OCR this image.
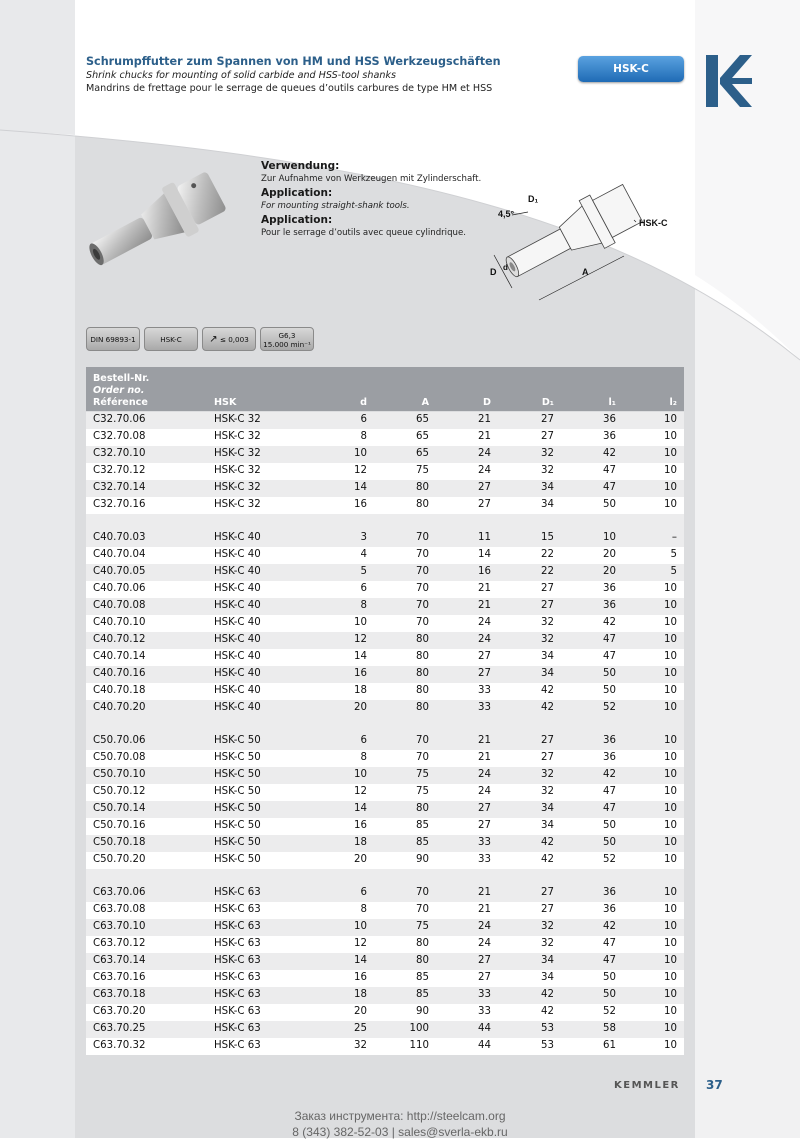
Schrumpffutter zum Spannen von HM und HSS Werkzeugschäften
Shrink chucks for mounting of solid carbide and HSS-tool shanks
Mandrins de frettage pour le serrage de queues d’outils carbures de type HM et HSS
HSK-C
Verwendung:
Zur Aufnahme von Werkzeugen mit Zylinderschaft.
Application:
For mounting straight-shank tools.
Application:
Pour le serrage d’outils avec queue cylindrique.
4,5°
D₁
HSK-C
D d	A
DIN 69893-1	HSK-C	↗ ≤ 0,003	G6,3
15.000 min⁻¹
Bestell-Nr.
Order no.
Référence	HSK	d	A	D	D₁	l₁	l₂
C32.70.06	HSK-C 32	6	65	21	27	36	10
C32.70.08	HSK-C 32	8	65	21	27	36	10
C32.70.10	HSK-C 32	10	65	24	32	42	10
C32.70.12	HSK-C 32	12	75	24	32	47	10
C32.70.14	HSK-C 32	14	80	27	34	47	10
C32.70.16	HSK-C 32	16	80	27	34	50	10
C40.70.03	HSK-C 40	3	70	11	15	10	–
C40.70.04	HSK-C 40	4	70	14	22	20	5
C40.70.05	HSK-C 40	5	70	16	22	20	5
C40.70.06	HSK-C 40	6	70	21	27	36	10
C40.70.08	HSK-C 40	8	70	21	27	36	10
C40.70.10	HSK-C 40	10	70	24	32	42	10
C40.70.12	HSK-C 40	12	80	24	32	47	10
C40.70.14	HSK-C 40	14	80	27	34	47	10
C40.70.16	HSK-C 40	16	80	27	34	50	10
C40.70.18	HSK-C 40	18	80	33	42	50	10
C40.70.20	HSK-C 40	20	80	33	42	52	10
C50.70.06	HSK-C 50	6	70	21	27	36	10
C50.70.08	HSK-C 50	8	70	21	27	36	10
C50.70.10	HSK-C 50	10	75	24	32	42	10
C50.70.12	HSK-C 50	12	75	24	32	47	10
C50.70.14	HSK-C 50	14	80	27	34	47	10
C50.70.16	HSK-C 50	16	85	27	34	50	10
C50.70.18	HSK-C 50	18	85	33	42	50	10
C50.70.20	HSK-C 50	20	90	33	42	52	10
C63.70.06	HSK-C 63	6	70	21	27	36	10
C63.70.08	HSK-C 63	8	70	21	27	36	10
C63.70.10	HSK-C 63	10	75	24	32	42	10
C63.70.12	HSK-C 63	12	80	24	32	47	10
C63.70.14	HSK-C 63	14	80	27	34	47	10
C63.70.16	HSK-C 63	16	85	27	34	50	10
C63.70.18	HSK-C 63	18	85	33	42	50	10
C63.70.20	HSK-C 63	20	90	33	42	52	10
C63.70.25	HSK-C 63	25	100	44	53	58	10
C63.70.32	HSK-C 63	32	110	44	53	61	10
KEMMLER 37
Заказ инструмента: http://steelcam.org
8 (343) 382-52-03 | sales@sverla-ekb.ru
